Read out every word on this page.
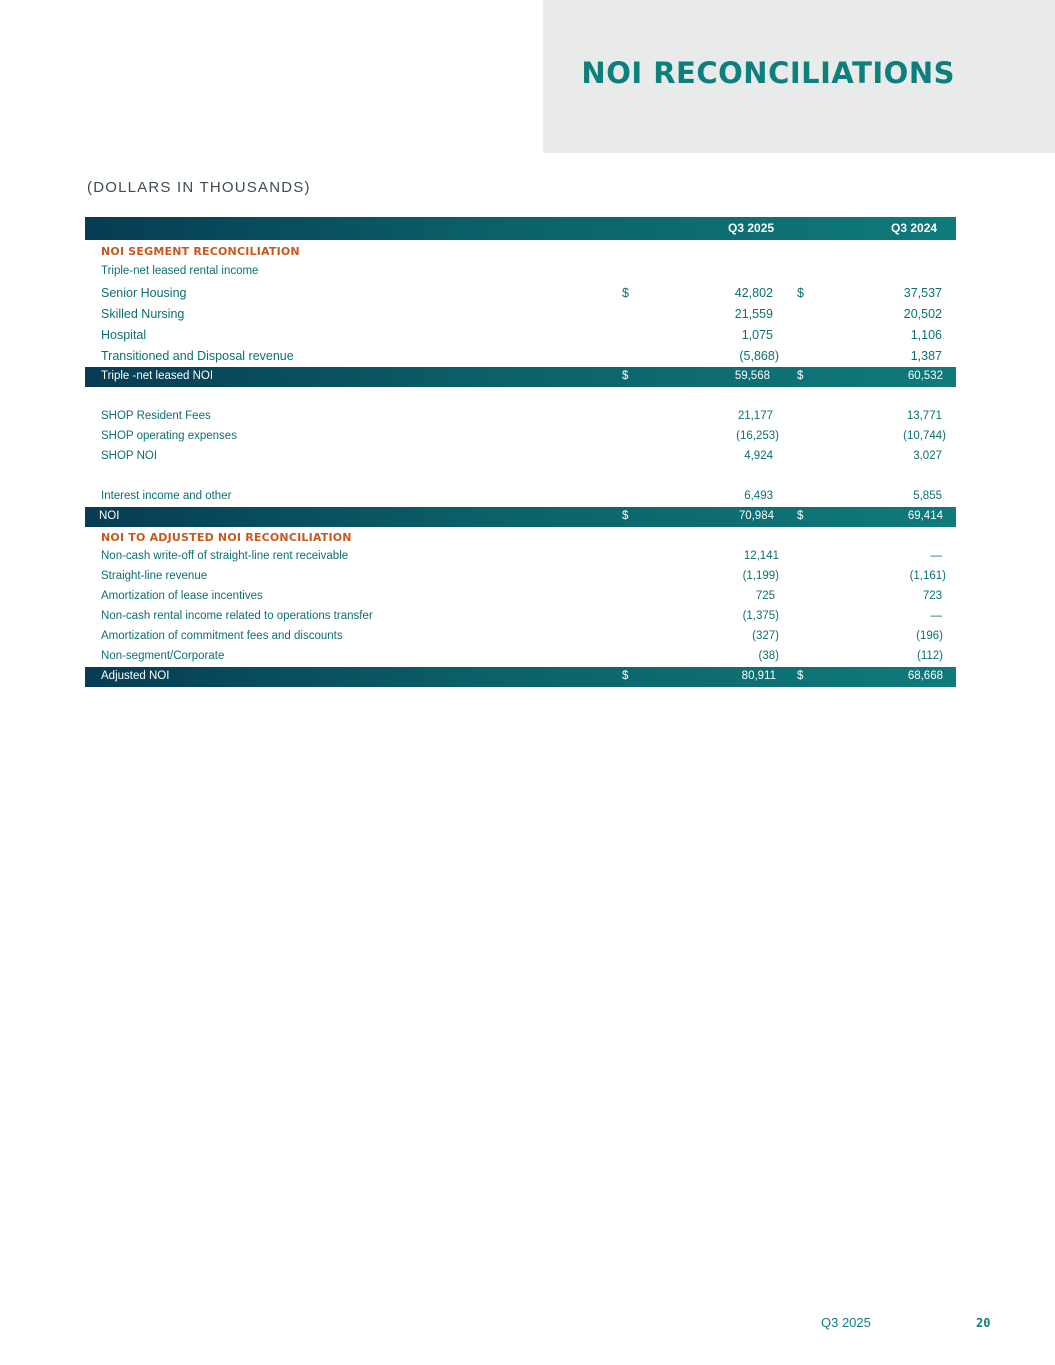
NOI RECONCILIATIONS
(DOLLARS IN THOUSANDS)
Q3 2025	Q3 2024
NOI SEGMENT RECONCILIATION
Triple-net leased rental income
Senior Housing	$	42,802 $	37,537
Skilled Nursing	21,559	20,502
Hospital	1,075	1,106
Transitioned and Disposal revenue	(5,868)	1,387
Triple -net leased NOI	$	59,568 $	60,532
SHOP Resident Fees	21,177	13,771
SHOP operating expenses	(16,253)	(10,744)
SHOP NOI	4,924	3,027
Interest income and other	6,493	5,855
NOI	$	70,984 $	69,414
NOI TO ADJUSTED NOI RECONCILIATION
Non-cash write-off of straight-line rent receivable	12,141	—
Straight-line revenue	(1,199)	(1,161)
Amortization of lease incentives	725	723
Non-cash rental income related to operations transfer	(1,375)	—
Amortization of commitment fees and discounts	(327)	(196)
Non-segment/Corporate	(38)	(112)
Adjusted NOI	$	80,911 $	68,668
Q3 2025	20
